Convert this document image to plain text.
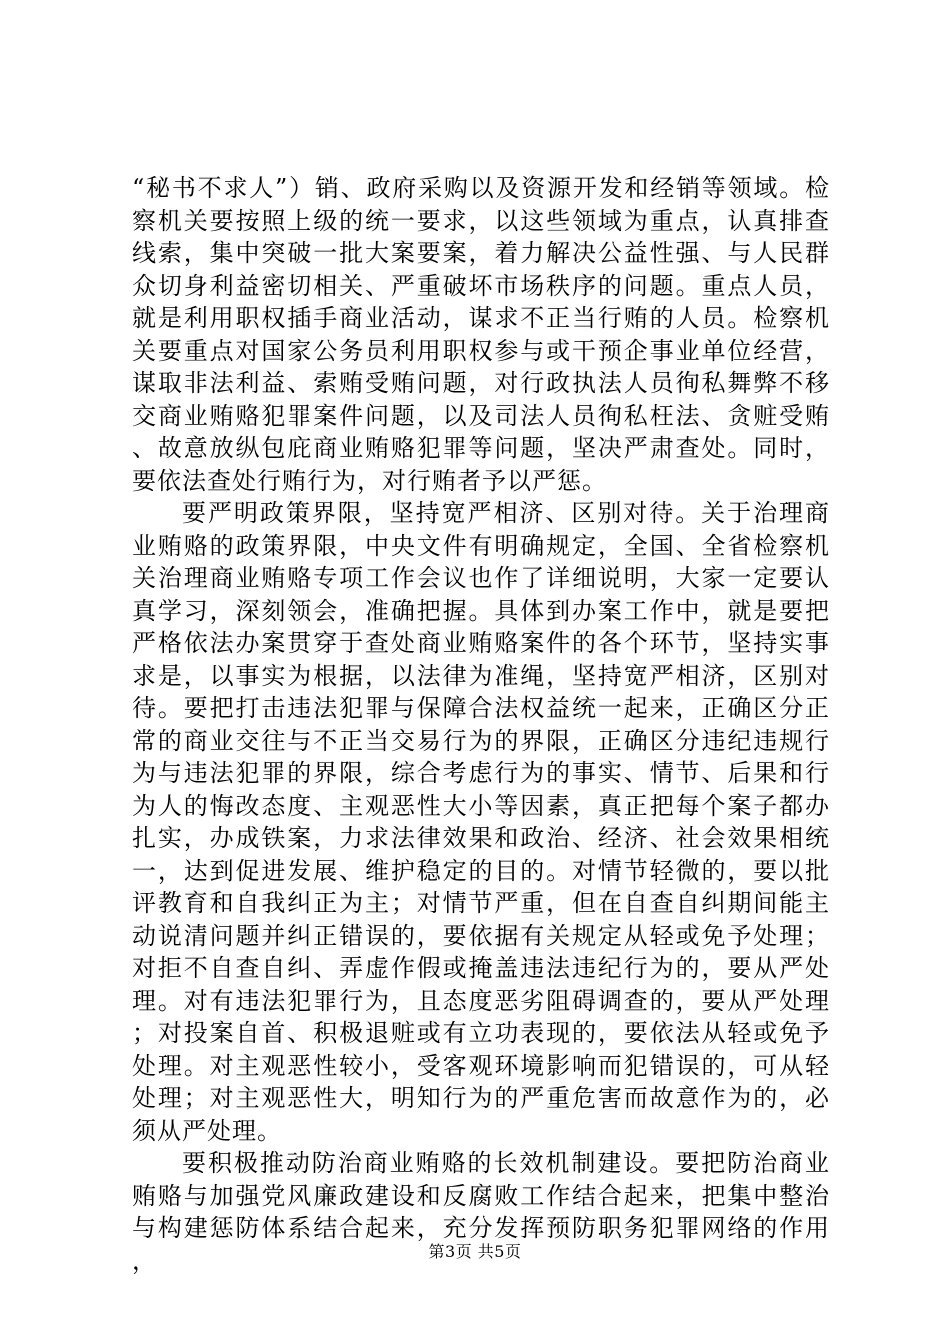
“秘书不求人”）销、政府采购以及资源开发和经销等领域。检察机关要按照上级的统一要求，以这些领域为重点，认真排查线索，集中突破一批大案要案，着力解决公益性强、与人民群众切身利益密切相关、严重破坏市场秩序的问题。重点人员，就是利用职权插手商业活动，谋求不正当行贿的人员。检察机关要重点对国家公务员利用职权参与或干预企事业单位经营，谋取非法利益、索贿受贿问题，对行政执法人员徇私舞弊不移交商业贿赂犯罪案件问题，以及司法人员徇私枉法、贪赃受贿、故意放纵包庇商业贿赂犯罪等问题，坚决严肃查处。同时，要依法查处行贿行为，对行贿者予以严惩。

要严明政策界限，坚持宽严相济、区别对待。关于治理商业贿赂的政策界限，中央文件有明确规定，全国、全省检察机关治理商业贿赂专项工作会议也作了详细说明，大家一定要认真学习，深刻领会，准确把握。具体到办案工作中，就是要把严格依法办案贯穿于查处商业贿赂案件的各个环节，坚持实事求是，以事实为根据，以法律为准绳，坚持宽严相济，区别对待。要把打击违法犯罪与保障合法权益统一起来，正确区分正常的商业交往与不正当交易行为的界限，正确区分违纪违规行为与违法犯罪的界限，综合考虑行为的事实、情节、后果和行为人的悔改态度、主观恶性大小等因素，真正把每个案子都办扎实，办成铁案，力求法律效果和政治、经济、社会效果相统一，达到促进发展、维护稳定的目的。对情节轻微的，要以批评教育和自我纠正为主；对情节严重，但在自查自纠期间能主动说清问题并纠正错误的，要依据有关规定从轻或免予处理；对拒不自查自纠、弄虚作假或掩盖违法违纪行为的，要从严处理。对有违法犯罪行为，且态度恶劣阻碍调查的，要从严处理；对投案自首、积极退赃或有立功表现的，要依法从轻或免予处理。对主观恶性较小，受客观环境影响而犯错误的，可从轻处理；对主观恶性大，明知行为的严重危害而故意作为的，必须从严处理。

要积极推动防治商业贿赂的长效机制建设。要把防治商业贿赂与加强党风廉政建设和反腐败工作结合起来，把集中整治与构建惩防体系结合起来，充分发挥预防职务犯罪网络的作用，	第3页 共5页
